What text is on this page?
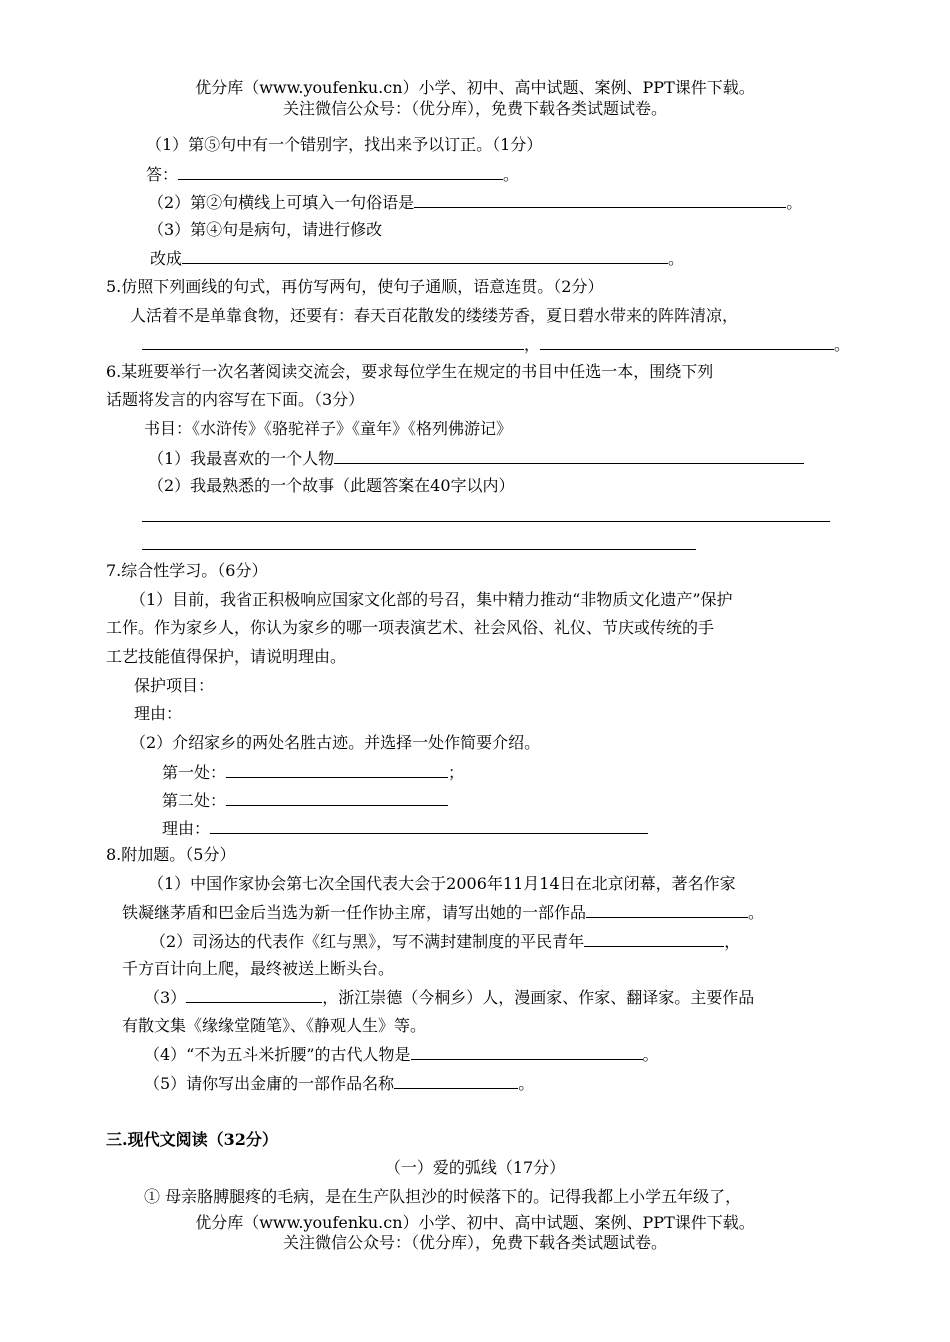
优分库（www.youfenku.cn）小学、初中、高中试题、案例、PPT课件下载。
关注微信公众号：（优分库），免费下载各类试题试卷。
（1）第⑤句中有一个错别字，找出来予以订正。（1分）
答：	。
（2）第②句横线上可填入一句俗语是	。
（3）第④句是病句，请进行修改
改成	。
5.仿照下列画线的句式，再仿写两句，使句子通顺，语意连贯。（2分）
人活着不是单靠食物，还要有：春天百花散发的缕缕芳香，夏日碧水带来的阵阵清凉，
，	。
6.某班要举行一次名著阅读交流会，要求每位学生在规定的书目中任选一本，围绕下列
话题将发言的内容写在下面。（3分）
书目：《水浒传》《骆驼祥子》《童年》《格列佛游记》
（1）我最喜欢的一个人物
（2）我最熟悉的一个故事（此题答案在40字以内）
7.综合性学习。（6分）
（1）目前，我省正积极响应国家文化部的号召，集中精力推动“非物质文化遗产”保护
工作。作为家乡人，你认为家乡的哪一项表演艺术、社会风俗、礼仪、节庆或传统的手
工艺技能值得保护，请说明理由。
保护项目：
理由：
（2）介绍家乡的两处名胜古迹。并选择一处作简要介绍。
第一处：	；
第二处：
理由：
8.附加题。（5分）
（1）中国作家协会第七次全国代表大会于2006年11月14日在北京闭幕，著名作家
铁凝继茅盾和巴金后当选为新一任作协主席，请写出她的一部作品	。
（2）司汤达的代表作《红与黑》，写不满封建制度的平民青年	，
千方百计向上爬，最终被送上断头台。
（3）	，浙江崇德（今桐乡）人，漫画家、作家、翻译家。主要作品
有散文集《缘缘堂随笔》、《静观人生》等。
（4）“不为五斗米折腰”的古代人物是	。
（5）请你写出金庸的一部作品名称	。
三.现代文阅读（32分）
（一）爱的弧线（17分）
① 母亲胳膊腿疼的毛病，是在生产队担沙的时候落下的。记得我都上小学五年级了，
优分库（www.youfenku.cn）小学、初中、高中试题、案例、PPT课件下载。
关注微信公众号：（优分库），免费下载各类试题试卷。
